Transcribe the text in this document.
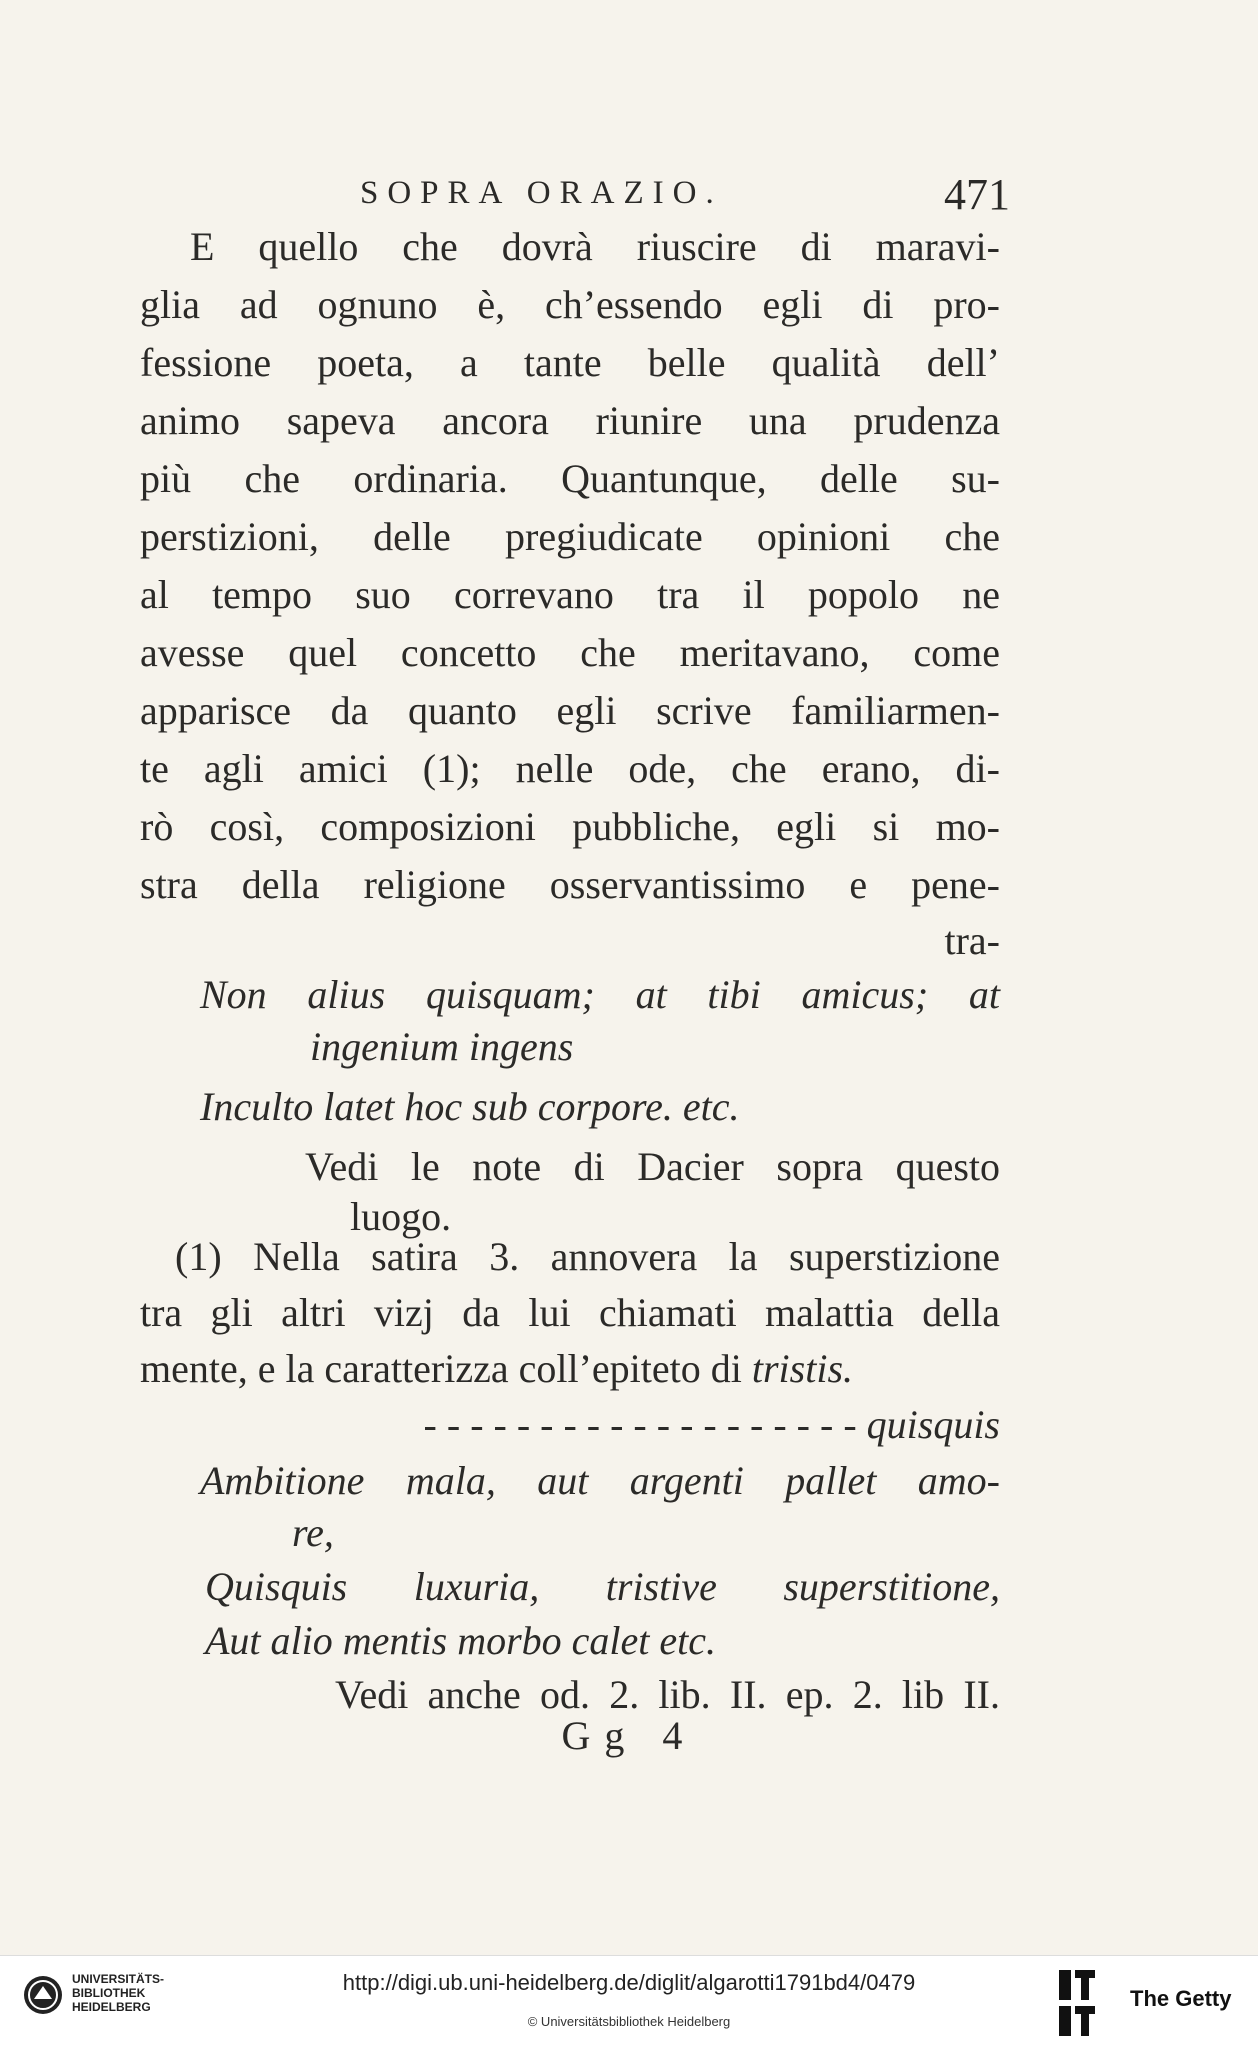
SOPRA ORAZIO.	471
E quello che dovrà riuscire di maravi-
glia ad ognuno è, ch’essendo egli di pro-
fessione poeta, a tante belle qualità dell’
animo sapeva ancora riunire una prudenza
più che ordinaria. Quantunque, delle su-
perstizioni, delle pregiudicate opinioni che
al tempo suo correvano tra il popolo ne
avesse quel concetto che meritavano, come
apparisce da quanto egli scrive familiarmen-
te agli amici (1); nelle ode, che erano, di-
rò così, composizioni pubbliche, egli si mo-
stra della religione osservantissimo e pene-
tra-
Non alius quisquam; at tibi amicus; at
ingenium ingens
Inculto latet hoc sub corpore. etc.
Vedi le note di Dacier sopra questo
luogo.
(1) Nella satira 3. annovera la superstizione
tra gli altri vizj da lui chiamati malattia della
mente, e la caratterizza coll’epiteto di tristis.
- - - - - - - - - - - - - - - - - - - quisquis
Ambitione mala, aut argenti pallet amo-
re,
Quisquis luxuria, tristive superstitione,
Aut alio mentis morbo calet etc.
Vedi anche od. 2. lib. II. ep. 2. lib II.
Gg 4
UNIVERSITÄTS-
BIBLIOTHEK
HEIDELBERG
http://digi.ub.uni-heidelberg.de/diglit/algarotti1791bd4/0479
© Universitätsbibliothek Heidelberg
The Getty
